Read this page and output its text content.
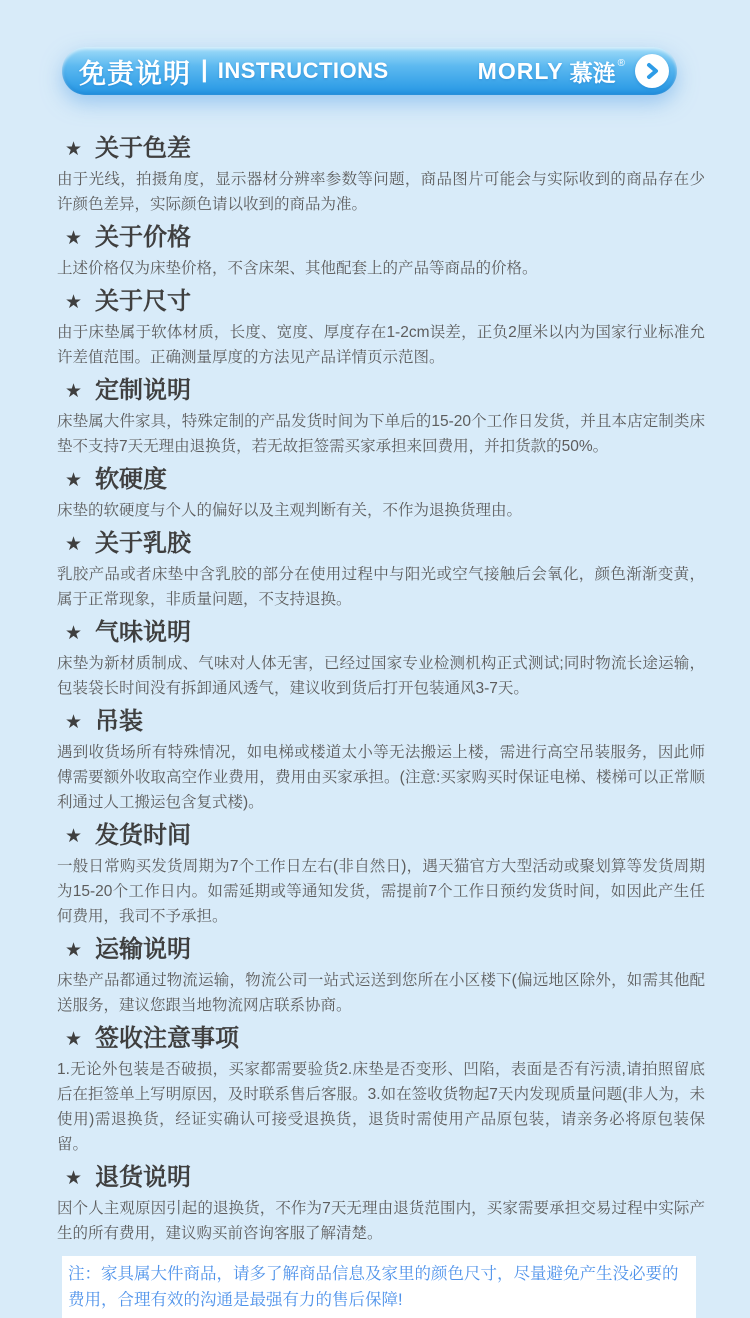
免责说明 | INSTRUCTIONS	MORLY 慕涟 ®
★ 关于色差

由于光线，拍摄角度，显示器材分辨率参数等问题，商品图片可能会与实际收到的商品存在少许颜色差异，实际颜色请以收到的商品为准。

★ 关于价格

上述价格仅为床垫价格，不含床架、其他配套上的产品等商品的价格。

★ 关于尺寸

由于床垫属于软体材质，长度、宽度、厚度存在1-2cm误差，正负2厘米以内为国家行业标准允许差值范围。正确测量厚度的方法见产品详情页示范图。

★ 定制说明

床垫属大件家具，特殊定制的产品发货时间为下单后的15-20个工作日发货，并且本店定制类床垫不支持7天无理由退换货，若无故拒签需买家承担来回费用，并扣货款的50%。

★ 软硬度

床垫的软硬度与个人的偏好以及主观判断有关，不作为退换货理由。

★ 关于乳胶

乳胶产品或者床垫中含乳胶的部分在使用过程中与阳光或空气接触后会氧化，颜色渐渐变黄，属于正常现象，非质量问题，不支持退换。

★ 气味说明

床垫为新材质制成、气味对人体无害，已经过国家专业检测机构正式测试;同时物流长途运输，包装袋长时间没有拆卸通风透气，建议收到货后打开包装通风3-7天。

★ 吊装

遇到收货场所有特殊情况，如电梯或楼道太小等无法搬运上楼，需进行高空吊装服务，因此师傅需要额外收取高空作业费用，费用由买家承担。(注意:买家购买时保证电梯、楼梯可以正常顺利通过人工搬运包含复式楼)。

★ 发货时间

一般日常购买发货周期为7个工作日左右(非自然日)，遇天猫官方大型活动或聚划算等发货周期为15-20个工作日内。如需延期或等通知发货，需提前7个工作日预约发货时间，如因此产生任何费用，我司不予承担。

★ 运输说明

床垫产品都通过物流运输，物流公司一站式运送到您所在小区楼下(偏远地区除外，如需其他配送服务，建议您跟当地物流网店联系协商。

★ 签收注意事项

1.无论外包装是否破损，买家都需要验货2.床垫是否变形、凹陷，表面是否有污渍,请拍照留底后在拒签单上写明原因，及时联系售后客服。3.如在签收货物起7天内发现质量问题(非人为，未使用)需退换货，经证实确认可接受退换货，退货时需使用产品原包装，请亲务必将原包装保留。

★ 退货说明

因个人主观原因引起的退换货，不作为7天无理由退货范围内，买家需要承担交易过程中实际产生的所有费用，建议购买前咨询客服了解清楚。

注：家具属大件商品，请多了解商品信息及家里的颜色尺寸，尽量避免产生没必要的费用，合理有效的沟通是最强有力的售后保障!
